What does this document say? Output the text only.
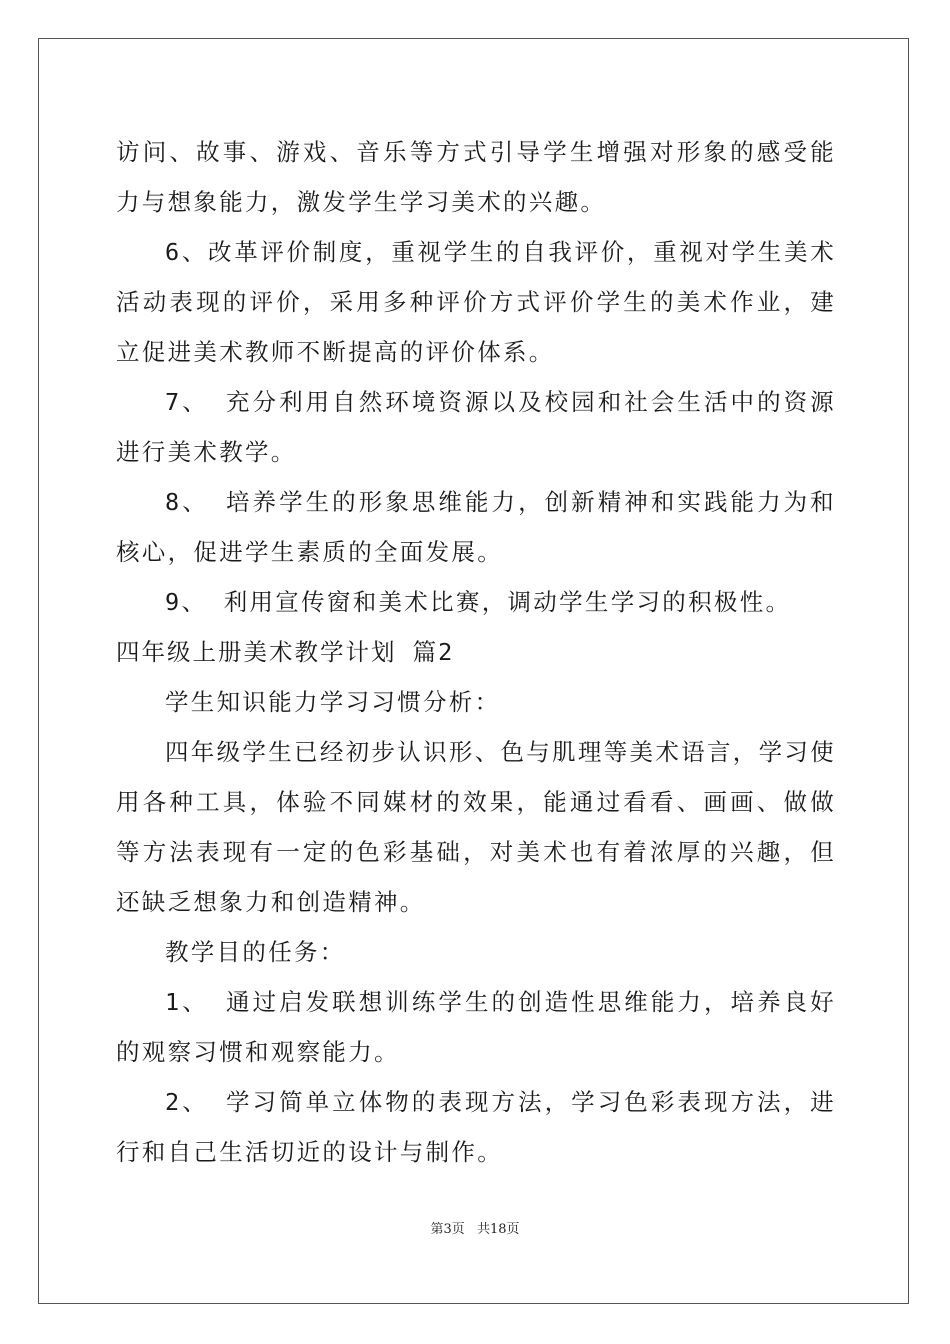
访问、故事、游戏、音乐等方式引导学生增强对形象的感受能力与想象能力，激发学生学习美术的兴趣。

6、改革评价制度，重视学生的自我评价，重视对学生美术活动表现的评价，采用多种评价方式评价学生的美术作业，建立促进美术教师不断提高的评价体系。

7、 充分利用自然环境资源以及校园和社会生活中的资源进行美术教学。

8、 培养学生的形象思维能力，创新精神和实践能力为和核心，促进学生素质的全面发展。

9、 利用宣传窗和美术比赛，调动学生学习的积极性。

四年级上册美术教学计划 篇2

学生知识能力学习习惯分析：

四年级学生已经初步认识形、色与肌理等美术语言，学习使用各种工具，体验不同媒材的效果，能通过看看、画画、做做等方法表现有一定的色彩基础，对美术也有着浓厚的兴趣，但还缺乏想象力和创造精神。

教学目的任务：

1、 通过启发联想训练学生的创造性思维能力，培养良好的观察习惯和观察能力。

2、 学习简单立体物的表现方法，学习色彩表现方法，进行和自己生活切近的设计与制作。

第3页 共18页
